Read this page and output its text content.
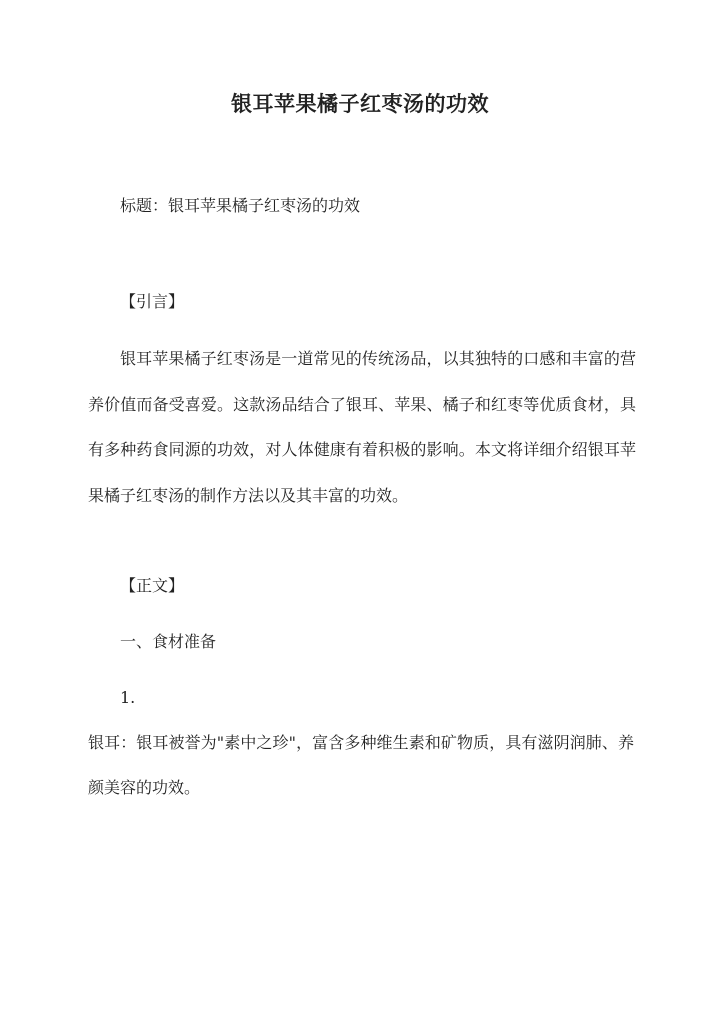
银耳苹果橘子红枣汤的功效
标题：银耳苹果橘子红枣汤的功效
【引言】
银耳苹果橘子红枣汤是一道常见的传统汤品，以其独特的口感和丰富的营养价值而备受喜爱。这款汤品结合了银耳、苹果、橘子和红枣等优质食材，具有多种药食同源的功效，对人体健康有着积极的影响。本文将详细介绍银耳苹果橘子红枣汤的制作方法以及其丰富的功效。
【正文】
一、食材准备
1.
银耳：银耳被誉为"素中之珍"，富含多种维生素和矿物质，具有滋阴润肺、养颜美容的功效。
